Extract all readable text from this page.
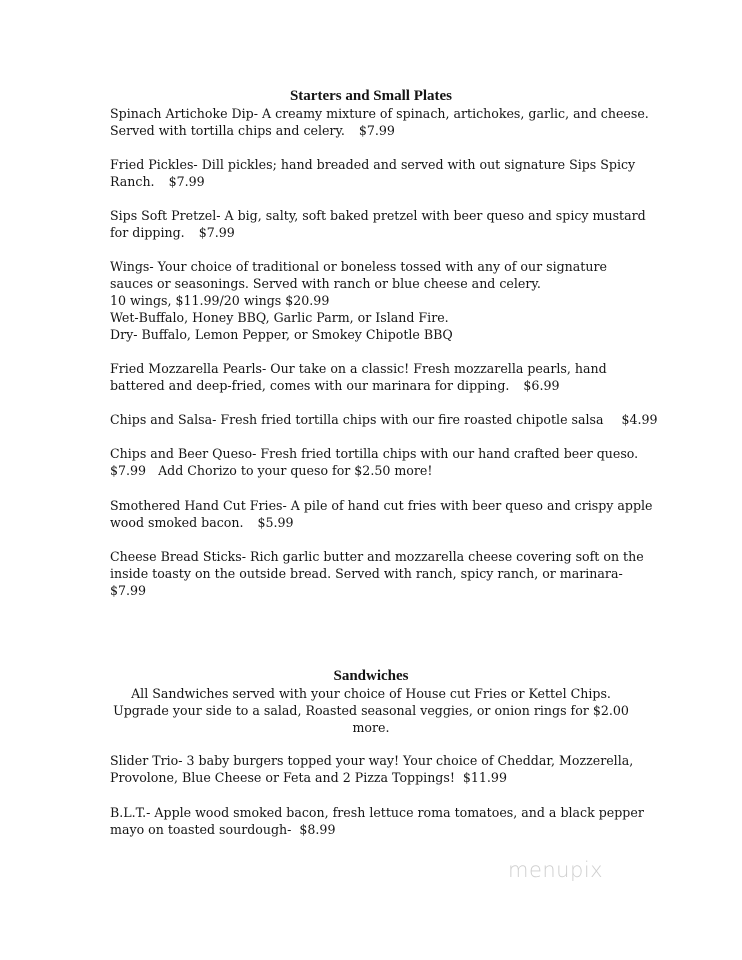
Starters and Small Plates
Spinach Artichoke Dip- A creamy mixture of spinach, artichokes, garlic, and cheese.
Served with tortilla chips and celery. $7.99
Fried Pickles- Dill pickles; hand breaded and served with out signature Sips Spicy
Ranch. $7.99
Sips Soft Pretzel- A big, salty, soft baked pretzel with beer queso and spicy mustard
for dipping. $7.99
Wings- Your choice of traditional or boneless tossed with any of our signature
sauces or seasonings. Served with ranch or blue cheese and celery.
10 wings, $11.99/20 wings $20.99
Wet-Buffalo, Honey BBQ, Garlic Parm, or Island Fire.
Dry- Buffalo, Lemon Pepper, or Smokey Chipotle BBQ
Fried Mozzarella Pearls- Our take on a classic! Fresh mozzarella pearls, hand
battered and deep-fried, comes with our marinara for dipping. $6.99
Chips and Salsa- Fresh fried tortilla chips with our fire roasted chipotle salsa $4.99
Chips and Beer Queso- Fresh fried tortilla chips with our hand crafted beer queso.
$7.99   Add Chorizo to your queso for $2.50 more!
Smothered Hand Cut Fries- A pile of hand cut fries with beer queso and crispy apple
wood smoked bacon. $5.99
Cheese Bread Sticks- Rich garlic butter and mozzarella cheese covering soft on the
inside toasty on the outside bread. Served with ranch, spicy ranch, or marinara-
$7.99
Sandwiches
All Sandwiches served with your choice of House cut Fries or Kettel Chips.
Upgrade your side to a salad, Roasted seasonal veggies, or onion rings for $2.00
more.
Slider Trio- 3 baby burgers topped your way! Your choice of Cheddar, Mozzerella,
Provolone, Blue Cheese or Feta and 2 Pizza Toppings!  $11.99
B.L.T.- Apple wood smoked bacon, fresh lettuce roma tomatoes, and a black pepper
mayo on toasted sourdough-  $8.99
menupix
